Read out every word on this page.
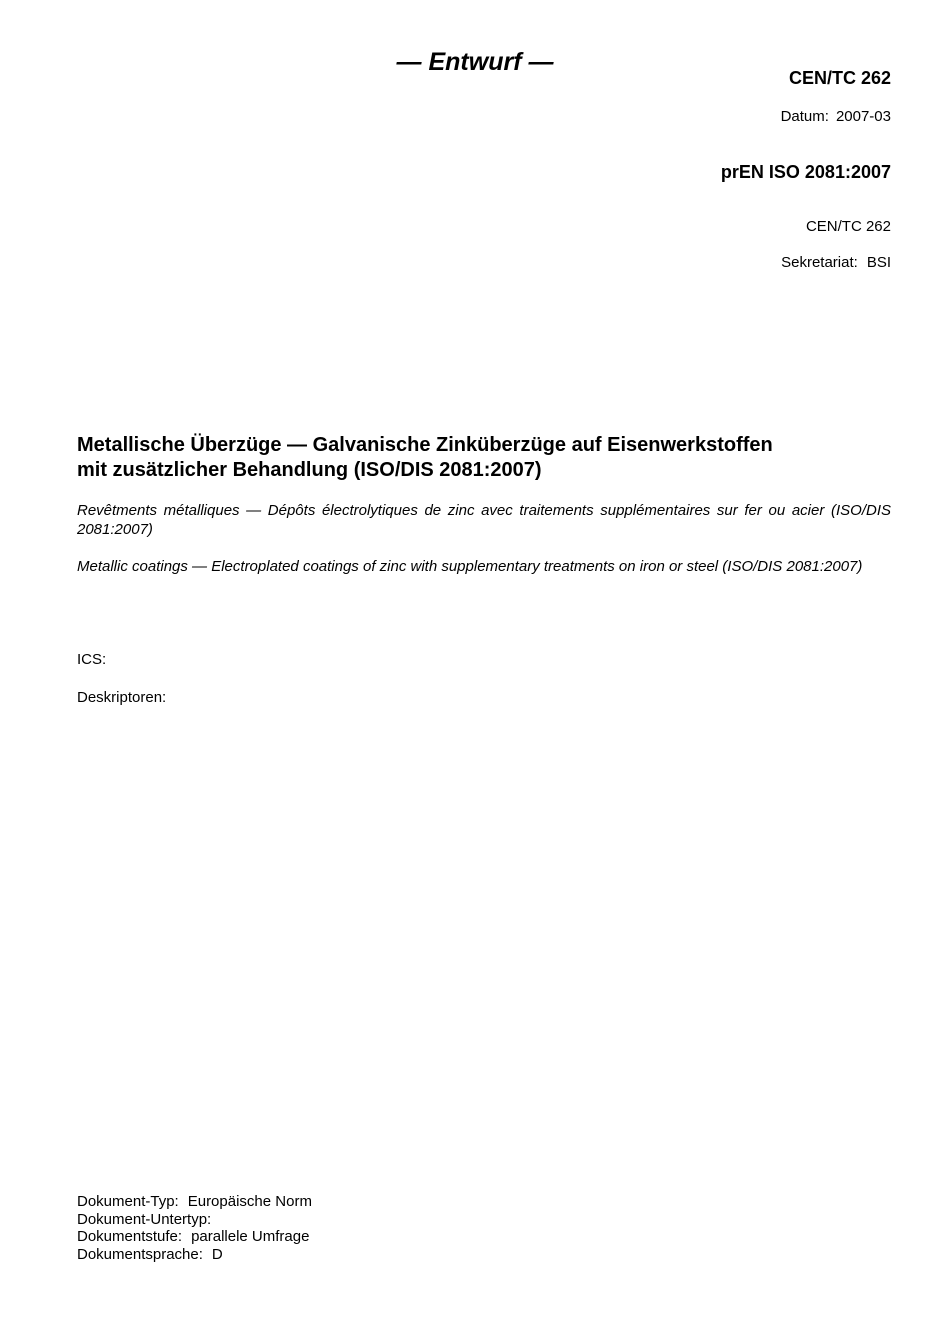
— Entwurf —
CEN/TC 262
Datum: 2007-03
prEN ISO 2081:2007
CEN/TC 262
Sekretariat: BSI
Metallische Überzüge — Galvanische Zinküberzüge auf Eisenwerkstoffen
mit zusätzlicher Behandlung (ISO/DIS 2081:2007)
Revêtments métalliques — Dépôts électrolytiques de zinc avec traitements supplémentaires sur fer ou acier (ISO/DIS 2081:2007)
Metallic coatings — Electroplated coatings of zinc with supplementary treatments on iron or steel (ISO/DIS 2081:2007)
ICS:
Deskriptoren:
Dokument-Typ: Europäische Norm
Dokument-Untertyp:
Dokumentstufe: parallele Umfrage
Dokumentsprache: D
